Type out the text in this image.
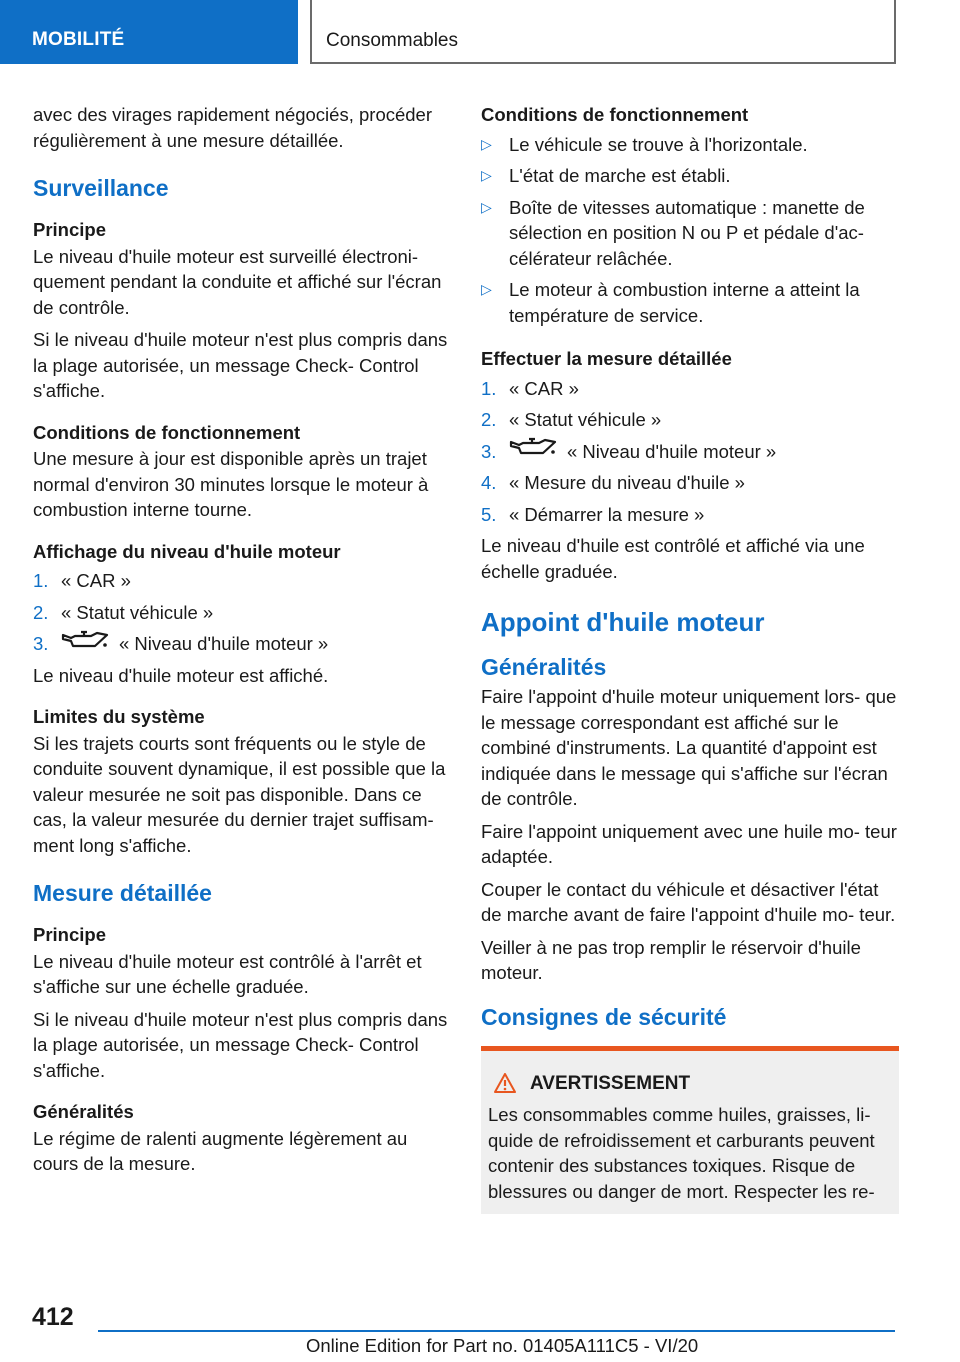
MOBILITÉ	Consommables

avec des virages rapidement négociés, procéder régulièrement à une mesure détaillée.

Surveillance
Principe

Le niveau d'huile moteur est surveillé électroni- quement pendant la conduite et affiché sur l'écran de contrôle.

Si le niveau d'huile moteur n'est plus compris dans la plage autorisée, un message Check- Control s'affiche.

Conditions de fonctionnement

Une mesure à jour est disponible après un trajet normal d'environ 30 minutes lorsque le moteur à combustion interne tourne.

Affichage du niveau d'huile moteur
1. « CAR »
2. « Statut véhicule »
3.	« Niveau d'huile moteur »

Le niveau d'huile moteur est affiché.

Limites du système

Si les trajets courts sont fréquents ou le style de conduite souvent dynamique, il est possible que la valeur mesurée ne soit pas disponible. Dans ce cas, la valeur mesurée du dernier trajet suffisam- ment long s'affiche.

Mesure détaillée
Principe

Le niveau d'huile moteur est contrôlé à l'arrêt et s'affiche sur une échelle graduée.

Si le niveau d'huile moteur n'est plus compris dans la plage autorisée, un message Check- Control s'affiche.

Généralités

Le régime de ralenti augmente légèrement au cours de la mesure.

Conditions de fonctionnement
▷ Le véhicule se trouve à l'horizontale.
▷ L'état de marche est établi.
▷ Boîte de vitesses automatique : manette de sélection en position N ou P et pédale d'ac- célérateur relâchée.
▷ Le moteur à combustion interne a atteint la température de service.
Effectuer la mesure détaillée
1. « CAR »
2. « Statut véhicule »
3.	« Niveau d'huile moteur »
4. « Mesure du niveau d'huile »
5. « Démarrer la mesure »

Le niveau d'huile est contrôlé et affiché via une échelle graduée.

Appoint d'huile moteur
Généralités

Faire l'appoint d'huile moteur uniquement lors- que le message correspondant est affiché sur le combiné d'instruments. La quantité d'appoint est indiquée dans le message qui s'affiche sur l'écran de contrôle.

Faire l'appoint uniquement avec une huile mo- teur adaptée.

Couper le contact du véhicule et désactiver l'état de marche avant de faire l'appoint d'huile mo- teur.

Veiller à ne pas trop remplir le réservoir d'huile moteur.

Consignes de sécurité
AVERTISSEMENT

Les consommables comme huiles, graisses, li- quide de refroidissement et carburants peuvent contenir des substances toxiques. Risque de blessures ou danger de mort. Respecter les re-

412
Online Edition for Part no. 01405A111C5 - VI/20
